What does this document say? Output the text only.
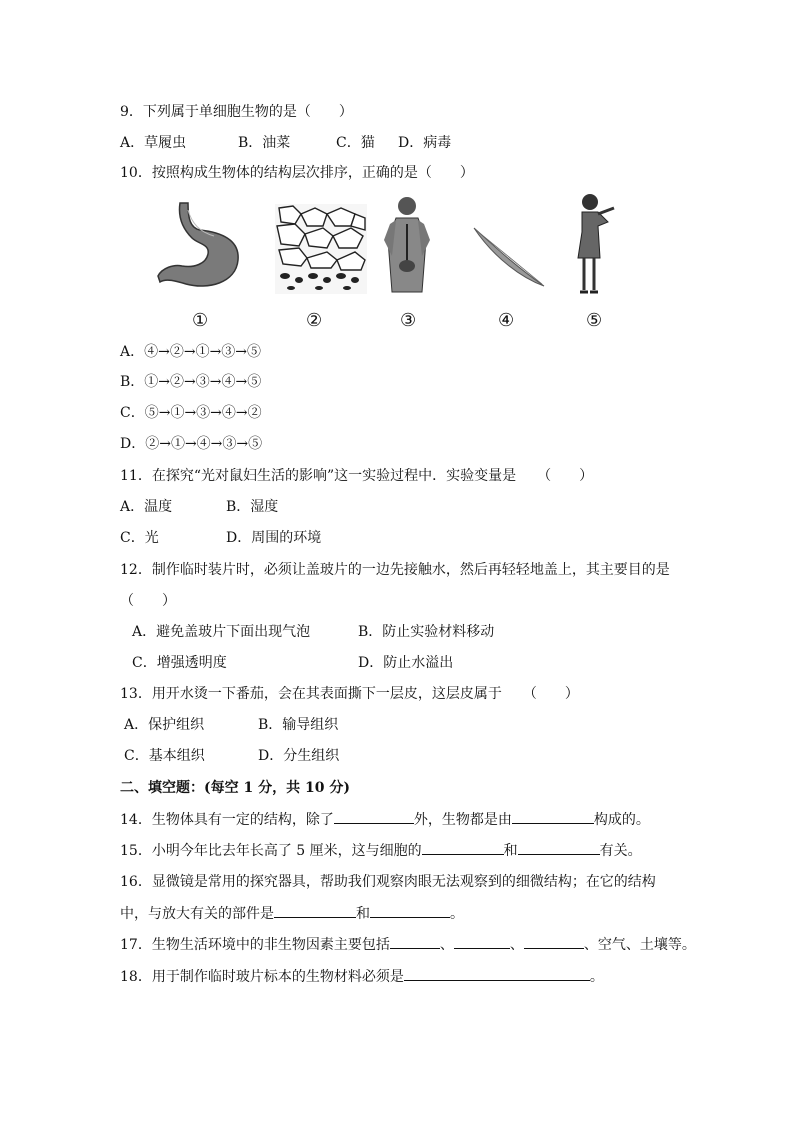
9．下列属于单细胞生物的是（　　）
A．草履虫	B．油菜	C．猫 D．病毒
10．按照构成生物体的结构层次排序，正确的是（　　）
①	②	③	④	⑤
A．④→②→①→③→⑤
B．①→②→③→④→⑤
C．⑤→①→③→④→②
D．②→①→④→③→⑤
11．在探究“光对鼠妇生活的影响”这一实验过程中．实验变量是　　（　　）
A．温度	B．湿度
C．光	D．周围的环境
12．制作临时装片时，必须让盖玻片的一边先接触水，然后再轻轻地盖上，其主要目的是
（　　）
A．避免盖玻片下面出现气泡	B．防止实验材料移动
C．增强透明度	D．防止水溢出
13．用开水烫一下番茄，会在其表面撕下一层皮，这层皮属于　　（　　）
A．保护组织	B．输导组织
C．基本组织	D．分生组织
二、填空题：(每空 1 分，共 10 分)
14．生物体具有一定的结构，除了	外，生物都是由	构成的。
15．小明今年比去年长高了 5 厘米，这与细胞的	和	有关。
16．显微镜是常用的探究器具，帮助我们观察肉眼无法观察到的细微结构；在它的结构
中，与放大有关的部件是	和	。
17．生物生活环境中的非生物因素主要包括	、	、	、空气、土壤等。
18．用于制作临时玻片标本的生物材料必须是	。
